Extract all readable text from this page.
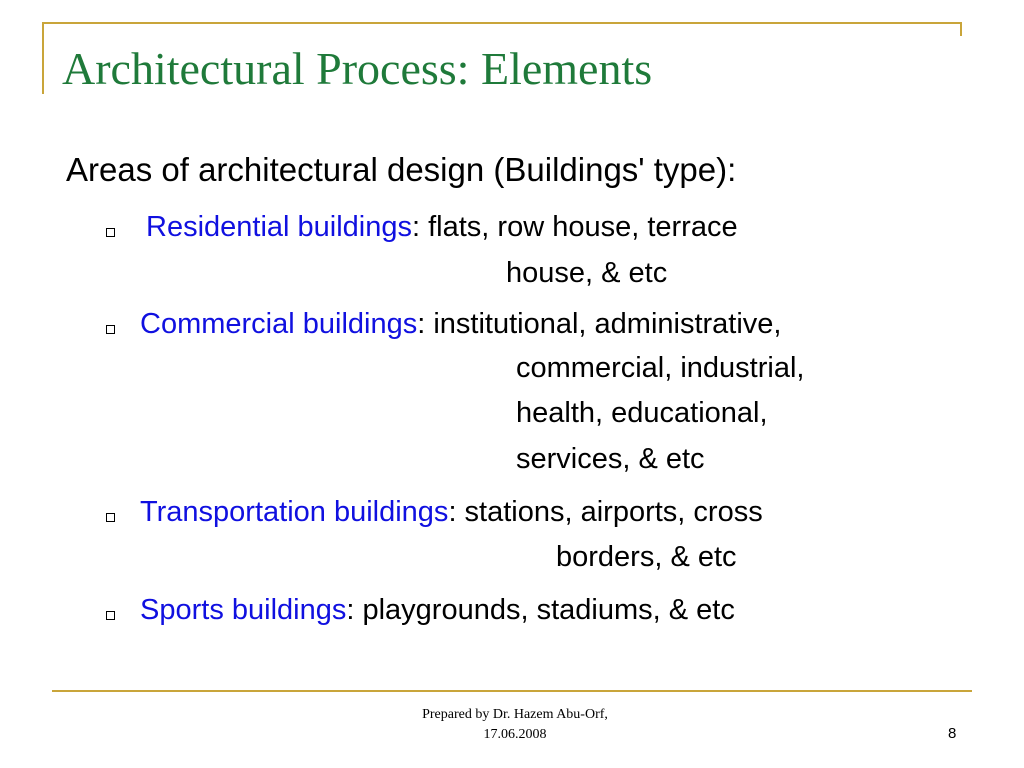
Architectural Process: Elements
Areas of architectural design (Buildings' type):
Residential buildings: flats, row house, terrace
house, & etc
Commercial buildings: institutional, administrative,
commercial, industrial,
health, educational,
services, & etc
Transportation buildings: stations, airports, cross
borders, & etc
Sports buildings: playgrounds, stadiums, & etc
Prepared by Dr. Hazem Abu-Orf,
17.06.2008	8
